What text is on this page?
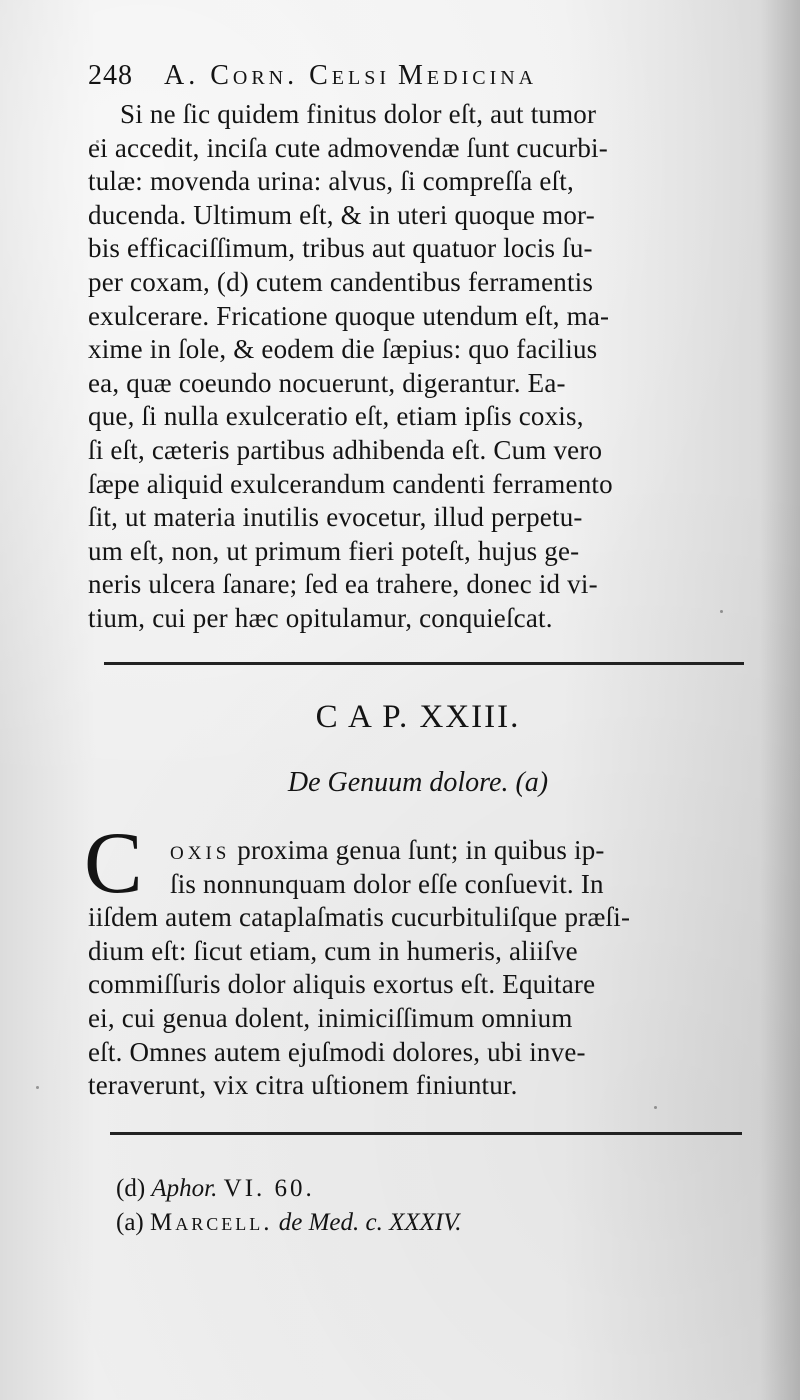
248 A. Corn. Celsi Medicina
Si ne ſic quidem finitus dolor eſt, aut tumor
ei accedit, inciſa cute admovendæ ſunt cucurbi-
tulæ: movenda urina: alvus, ſi compreſſa eſt,
ducenda. Ultimum eſt, & in uteri quoque mor-
bis efficaciſſimum, tribus aut quatuor locis ſu-
per coxam, (d) cutem candentibus ferramentis
exulcerare. Fricatione quoque utendum eſt, ma-
xime in ſole, & eodem die ſæpius: quo facilius
ea, quæ coeundo nocuerunt, digerantur. Ea-
que, ſi nulla exulceratio eſt, etiam ipſis coxis,
ſi eſt, cæteris partibus adhibenda eſt. Cum vero
ſæpe aliquid exulcerandum candenti ferramento
ſit, ut materia inutilis evocetur, illud perpetu-
um eſt, non, ut primum fieri poteſt, hujus ge-
neris ulcera ſanare; ſed ea trahere, donec id vi-
tium, cui per hæc opitulamur, conquieſcat.
C A P. XXIII.
De Genuum dolore. (a)
C	oxis proxima genua ſunt; in quibus ip-
ſis nonnunquam dolor eſſe conſuevit. In
iiſdem autem cataplaſmatis cucurbituliſque præſi-
dium eſt: ſicut etiam, cum in humeris, aliiſve
commiſſuris dolor aliquis exortus eſt. Equitare
ei, cui genua dolent, inimiciſſimum omnium
eſt. Omnes autem ejuſmodi dolores, ubi inve-
teraverunt, vix citra uſtionem finiuntur.
(d) Aphor. VI. 60.
(a) Marcell. de Med. c. XXXIV.
